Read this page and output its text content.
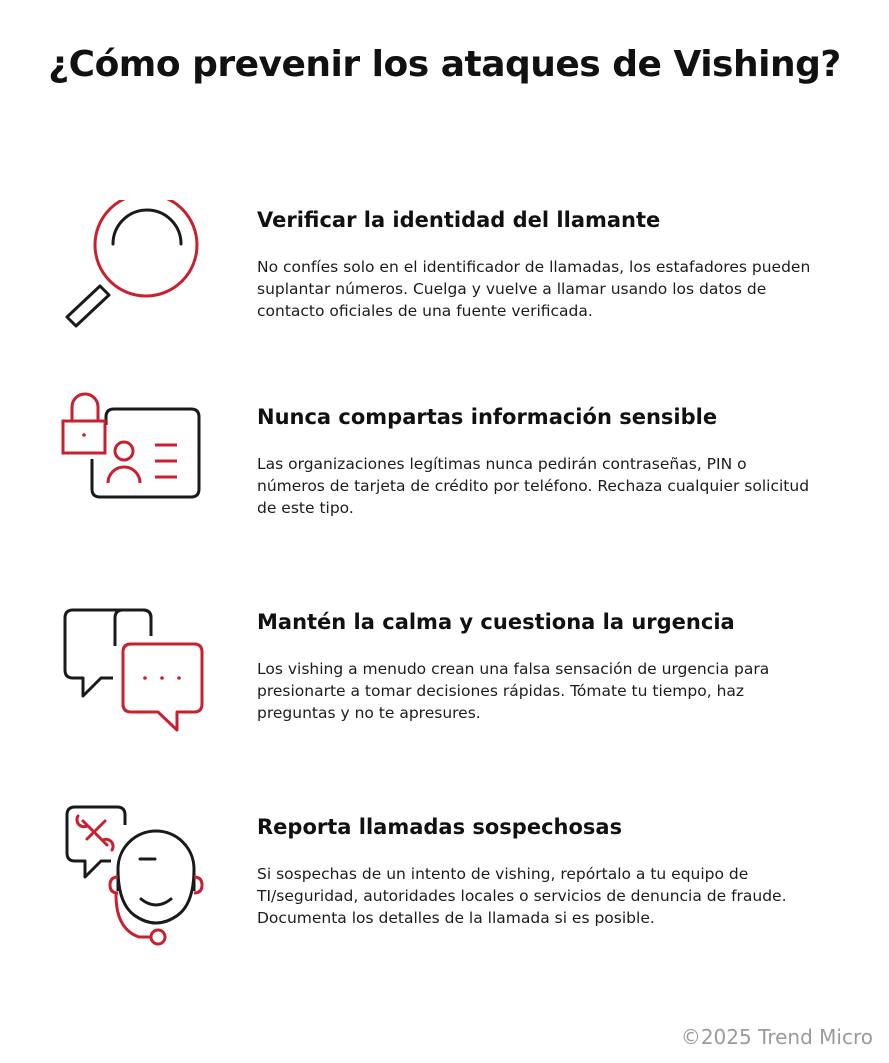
¿Cómo prevenir los ataques de Vishing?
Verificar la identidad del llamante

No confíes solo en el identificador de llamadas, los estafadores pueden suplantar números. Cuelga y vuelve a llamar usando los datos de contacto oficiales de una fuente verificada.

Nunca compartas información sensible

Las organizaciones legítimas nunca pedirán contraseñas, PIN o números de tarjeta de crédito por teléfono. Rechaza cualquier solicitud de este tipo.

Mantén la calma y cuestiona la urgencia

Los vishing a menudo crean una falsa sensación de urgencia para presionarte a tomar decisiones rápidas. Tómate tu tiempo, haz preguntas y no te apresures.

Reporta llamadas sospechosas

Si sospechas de un intento de vishing, repórtalo a tu equipo de TI/seguridad, autoridades locales o servicios de denuncia de fraude. Documenta los detalles de la llamada si es posible.

©2025 Trend Micro
